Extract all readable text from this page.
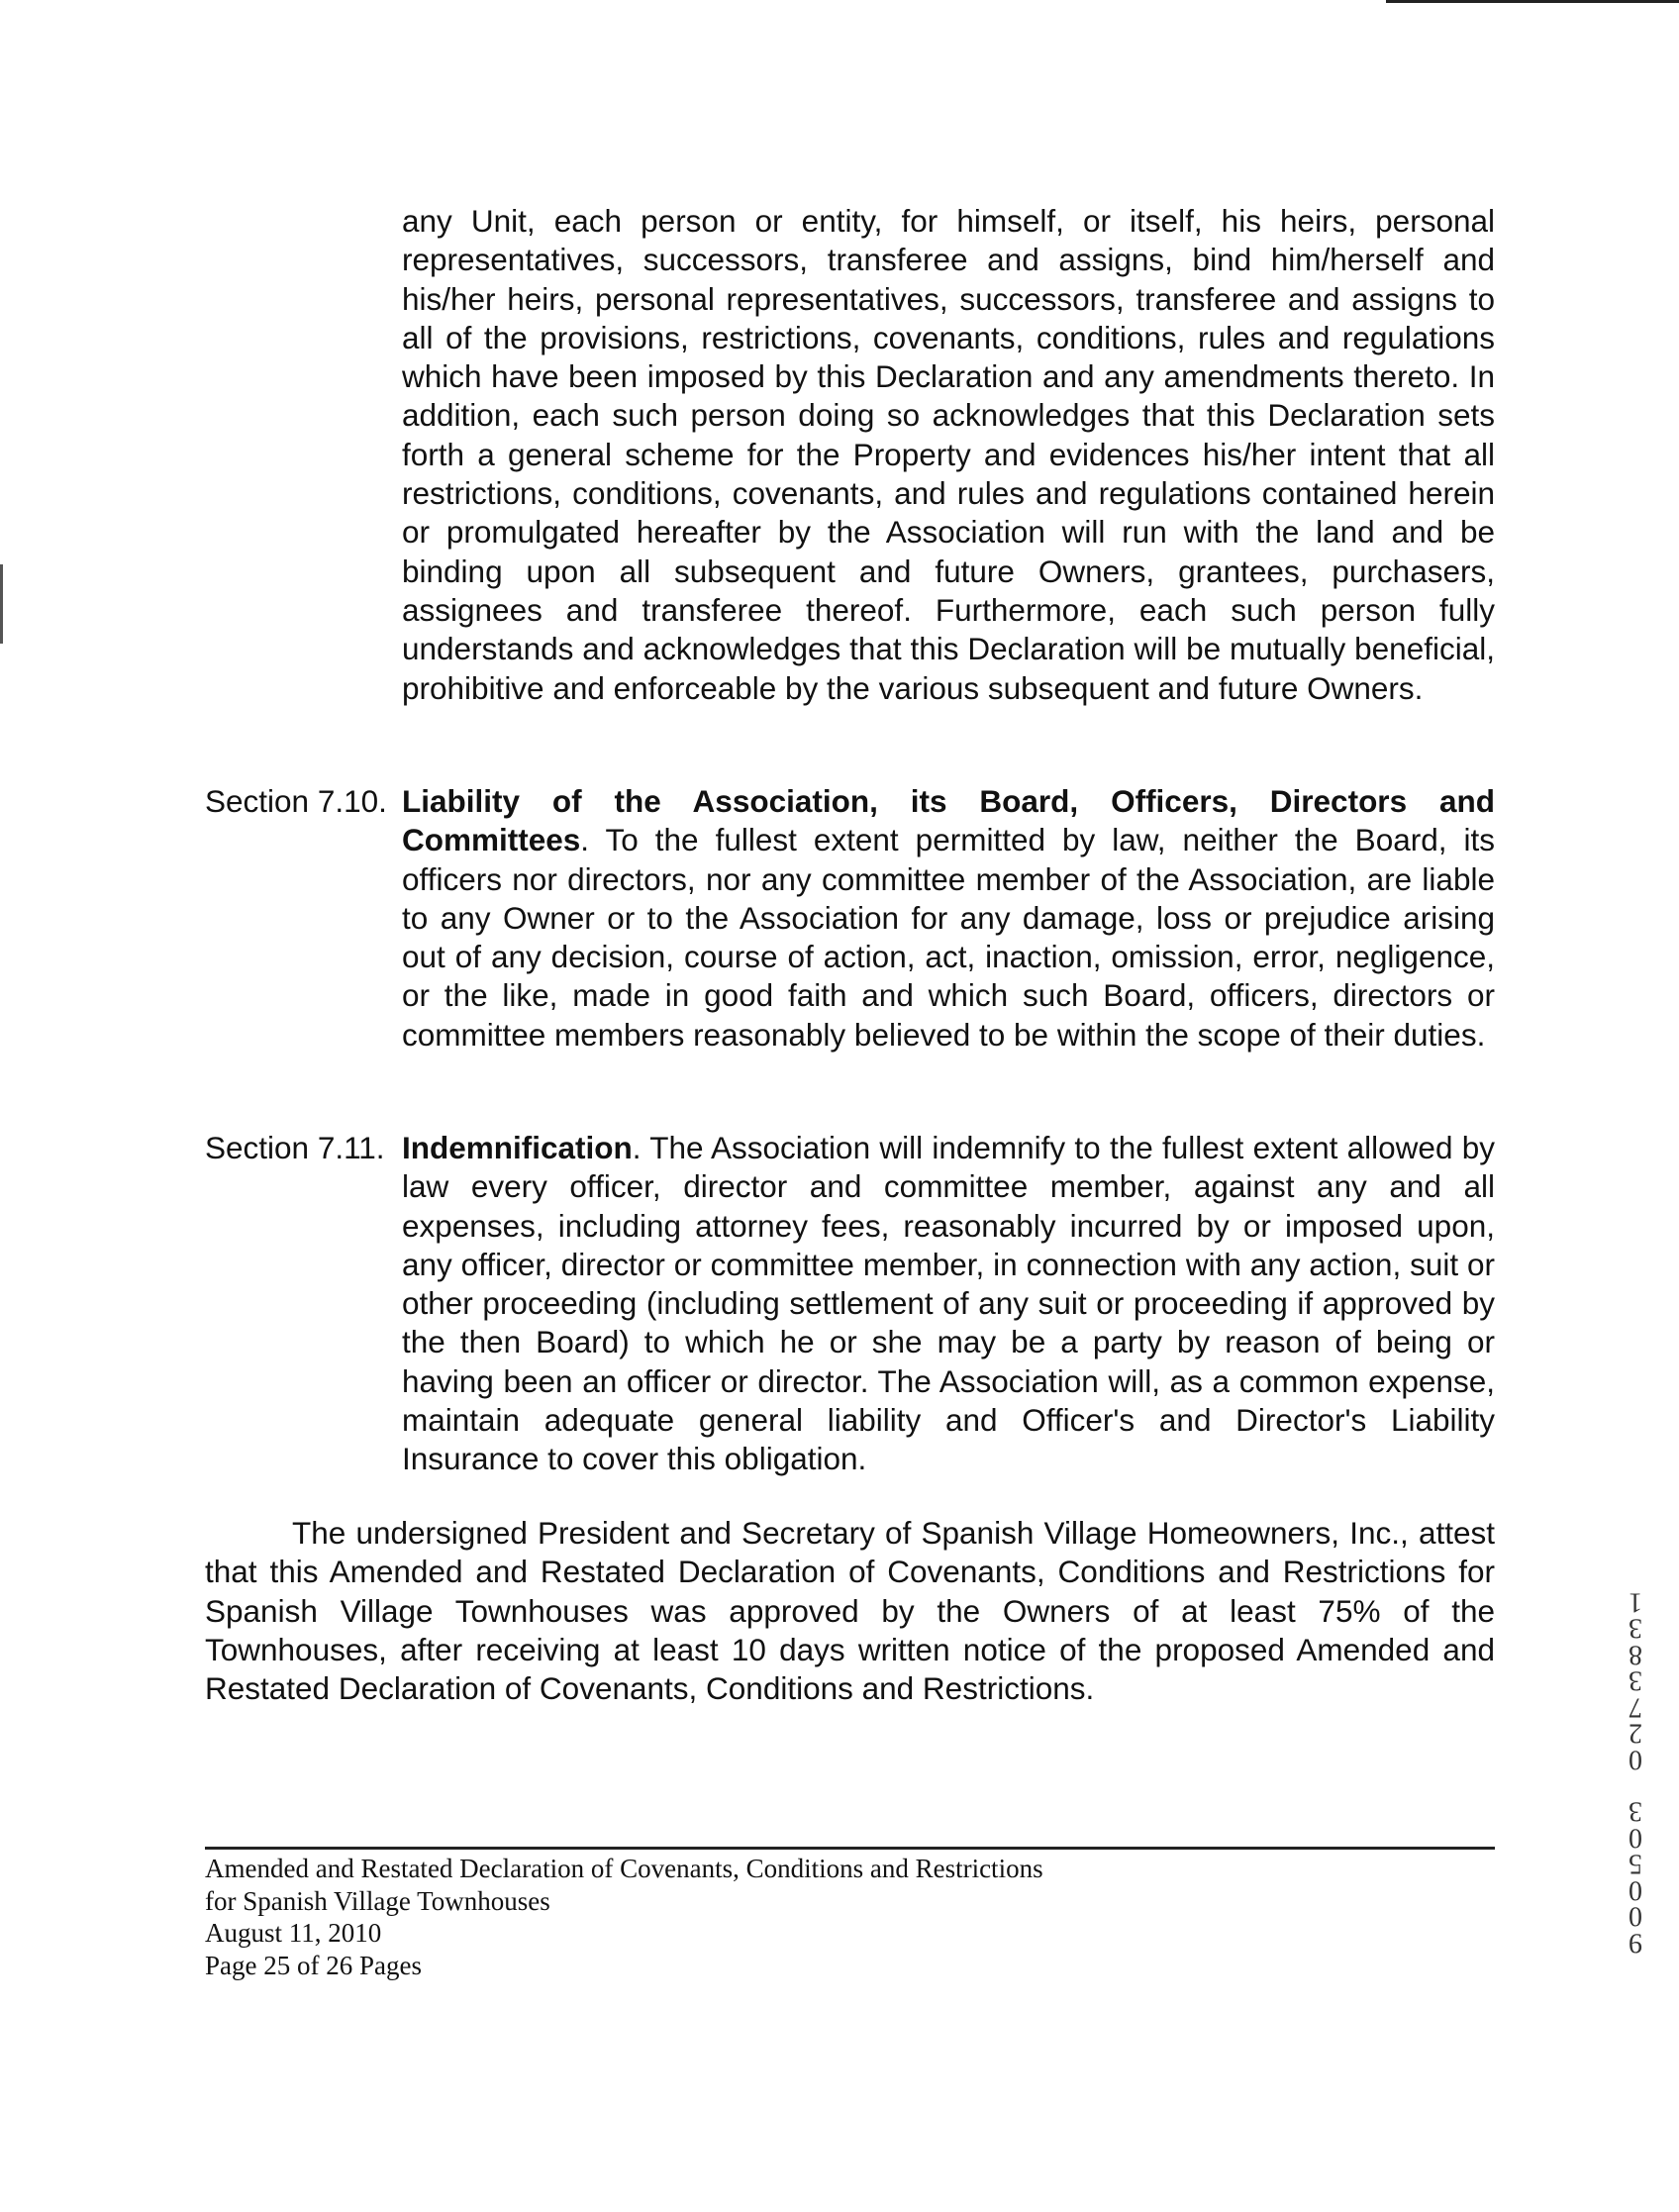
any Unit, each person or entity, for himself, or itself, his heirs, personal representatives, successors, transferee and assigns, bind him/herself and his/her heirs, personal representatives, successors, transferee and assigns to all of the provisions, restrictions, covenants, conditions, rules and regulations which have been imposed by this Declaration and any amendments thereto. In addition, each such person doing so acknowledges that this Declaration sets forth a general scheme for the Property and evidences his/her intent that all restrictions, conditions, covenants, and rules and regulations contained herein or promulgated hereafter by the Association will run with the land and be binding upon all subsequent and future Owners, grantees, purchasers, assignees and transferee thereof. Furthermore, each such person fully understands and acknowledges that this Declaration will be mutually beneficial, prohibitive and enforceable by the various subsequent and future Owners.
Section 7.10. Liability of the Association, its Board, Officers, Directors and Committees. To the fullest extent permitted by law, neither the Board, its officers nor directors, nor any committee member of the Association, are liable to any Owner or to the Association for any damage, loss or prejudice arising out of any decision, course of action, act, inaction, omission, error, negligence, or the like, made in good faith and which such Board, officers, directors or committee members reasonably believed to be within the scope of their duties.
Section 7.11. Indemnification. The Association will indemnify to the fullest extent allowed by law every officer, director and committee member, against any and all expenses, including attorney fees, reasonably incurred by or imposed upon, any officer, director or committee member, in connection with any action, suit or other proceeding (including settlement of any suit or proceeding if approved by the then Board) to which he or she may be a party by reason of being or having been an officer or director. The Association will, as a common expense, maintain adequate general liability and Officer's and Director's Liability Insurance to cover this obligation.
The undersigned President and Secretary of Spanish Village Homeowners, Inc., attest that this Amended and Restated Declaration of Covenants, Conditions and Restrictions for Spanish Village Townhouses was approved by the Owners of at least 75% of the Townhouses, after receiving at least 10 days written notice of the proposed Amended and Restated Declaration of Covenants, Conditions and Restrictions.
Amended and Restated Declaration of Covenants, Conditions and Restrictions
for Spanish Village Townhouses
August 11, 2010
Page 25 of 26 Pages
9
0
0
5
0
3
0
2
7
3
8
3
1
